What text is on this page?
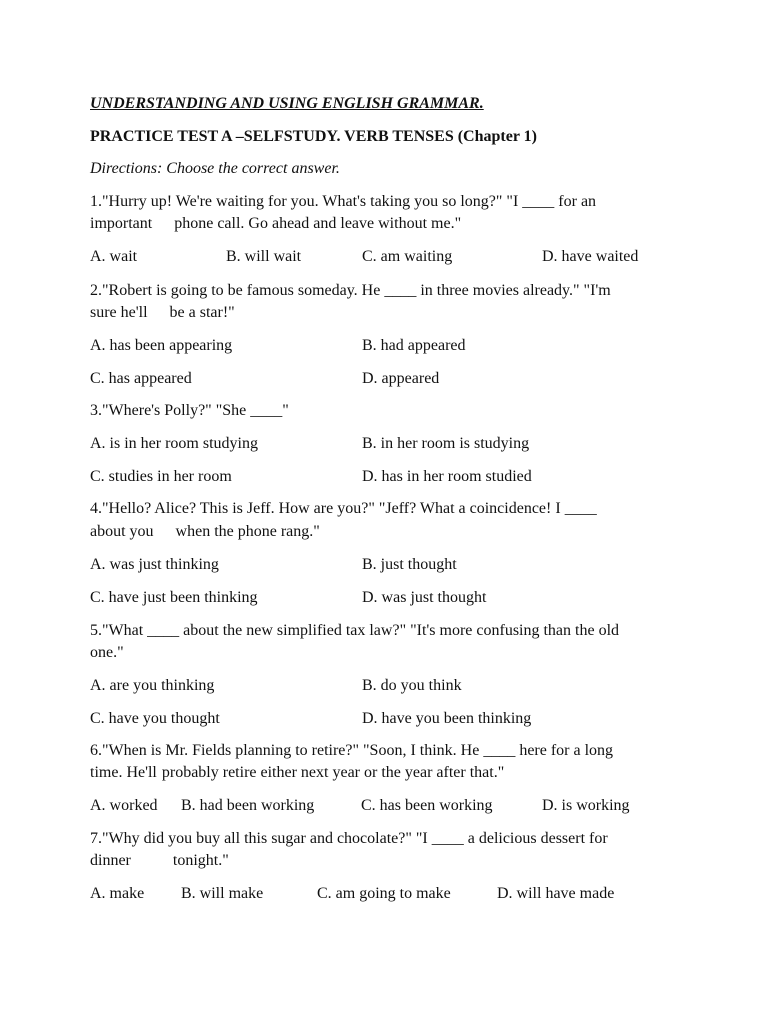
UNDERSTANDING AND USING ENGLISH GRAMMAR.
PRACTICE TEST A –SELFSTUDY. VERB TENSES (Chapter 1)
Directions: Choose the correct answer.
1."Hurry up! We're waiting for you. What's taking you so long?" "I ____ for an
important phone call. Go ahead and leave without me."
A. wait	B. will wait	C. am waiting	D. have waited
2."Robert is going to be famous someday. He ____ in three movies already." "I'm
sure he'll be a star!"
A. has been appearing	B. had appeared
C. has appeared	D. appeared
3."Where's Polly?" "She ____"
A. is in her room studying	B. in her room is studying
C. studies in her room	D. has in her room studied
4."Hello? Alice? This is Jeff. How are you?" "Jeff? What a coincidence! I ____
about you when the phone rang."
A. was just thinking	B. just thought
C. have just been thinking	D. was just thought
5."What ____ about the new simplified tax law?" "It's more confusing than the old
one."
A. are you thinking	B. do you think
C. have you thought	D. have you been thinking
6."When is Mr. Fields planning to retire?" "Soon, I think. He ____ here for a long
time. He'll probably retire either next year or the year after that."
A. worked B. had been working	C. has been working	D. is working
7."Why did you buy all this sugar and chocolate?" "I ____ a delicious dessert for
dinner	tonight."
A. make B. will make	C. am going to make	D. will have made
